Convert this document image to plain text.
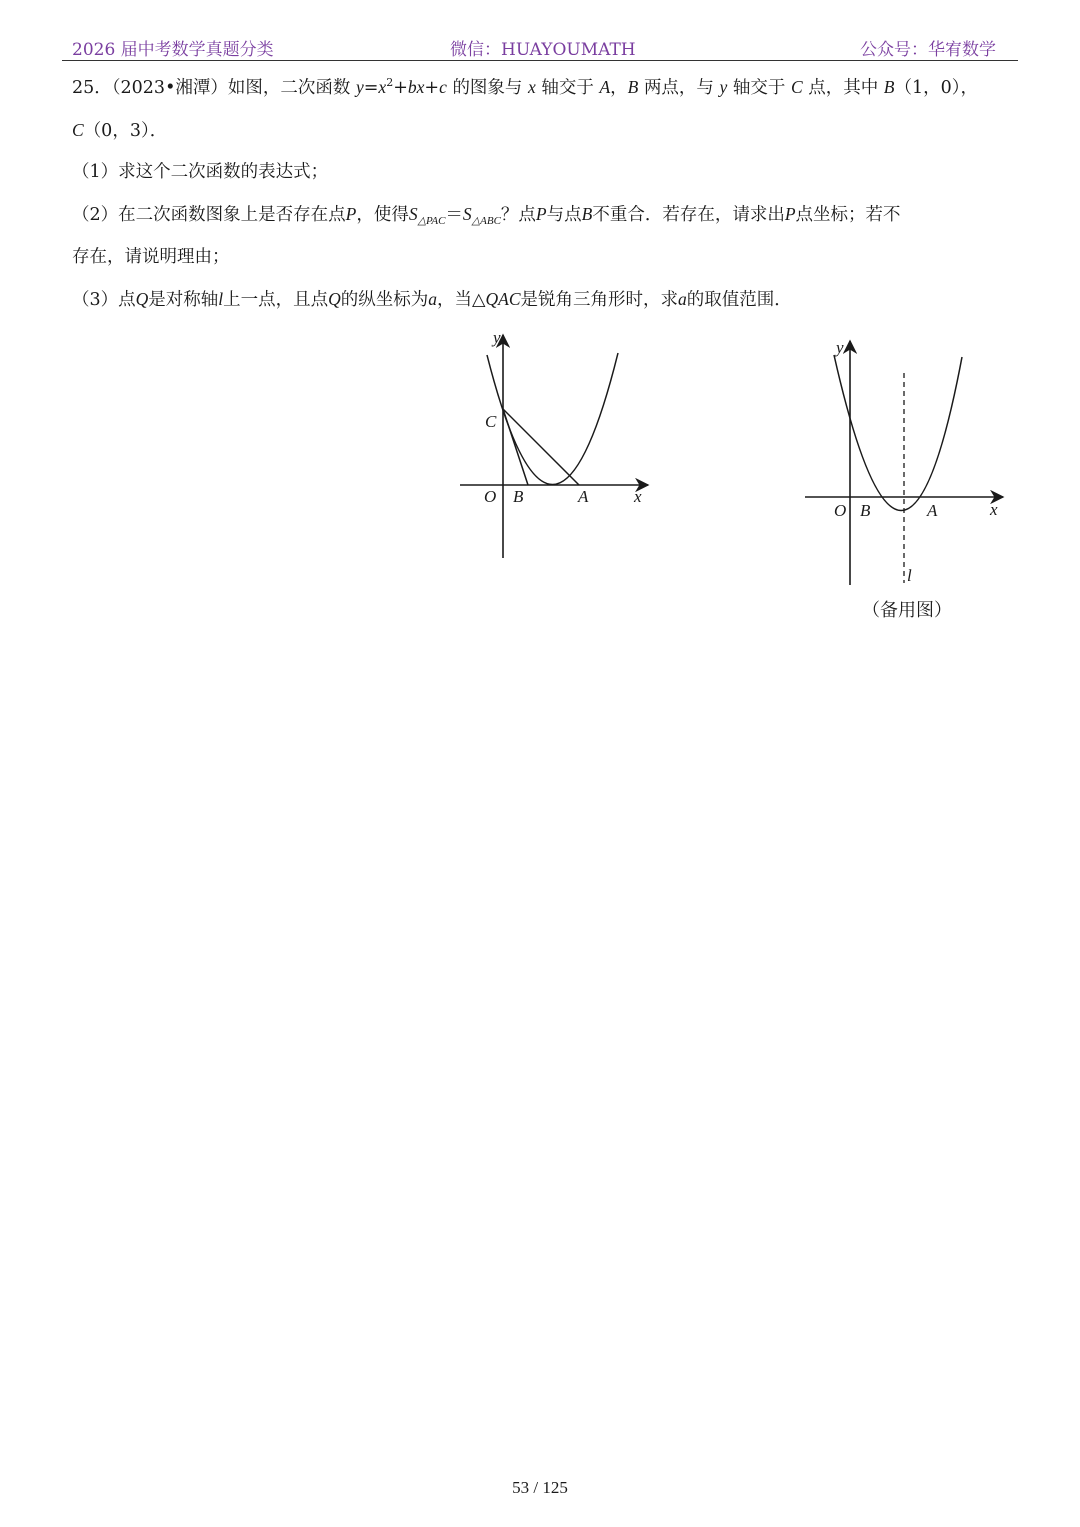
2026 届中考数学真题分类	微信：HUAYOUMATH	公众号：华宥数学
25．（2023•湘潭）如图，二次函数 $y=x^2+bx+c$ 的图象与 x 轴交于 A，B 两点，与 y 轴交于 C 点，其中 B（1，0），
C（0，3）．
（1）求这个二次函数的表达式；
（2）在二次函数图象上是否存在点P，使得$S_{\triangle PAC}=S_{\triangle ABC}$？点P与点B不重合．若存在，请求出P点坐标；若不
存在，请说明理由；
（3）点Q是对称轴l上一点，且点Q的纵坐标为a，当△QAC是锐角三角形时，求a的取值范围．
y
x
O B	A
C
y
x
O B	A
l
（备用图）
53 / 125
